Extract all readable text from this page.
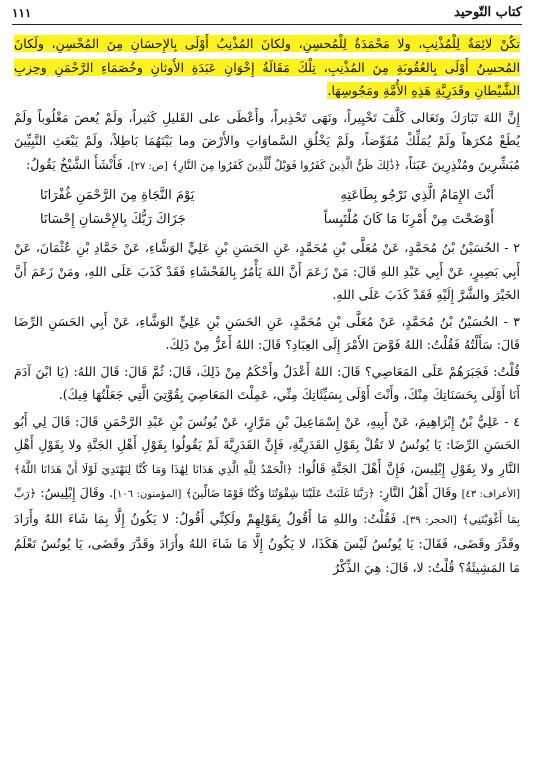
كتاب التّوحيد
١١١

تكُنْ لائِمَةٌ لِلْمُذْنِبِ، ولا مَحْمَدَةٌ لِلْمُحسِنِ، ولكانَ المُذْنِبُ أَوْلَى بِالإِحسَانِ مِنَ المُحْسِنِ، ولَكانَ المُحسِنُ أَوْلَى بِالعُقُوبَةِ مِنَ المُذْنِبِ، تِلْكَ مَقَالَةُ إِخْوَانِ عَبَدَةِ الأَوثانِ وخُصَمَاءِ الرَّحْمَنِ وحِزبِ الشَّيْطانِ وقَدَرِيَّةِ هَذِهِ الأُمَّةِ ومَجُوسِهَا.

إِنَّ اللهَ تَبَارَكَ وتَعَالى كَلَّفَ تَخْيِيراً، ونَهَى تَحْذِيراً، وأَعْطَى على القَليلِ كَثيراً، ولَمْ يُعصَ مَغْلُوباً ولَمْ يُطَعْ مُكرَهاً ولَمْ يُمَلِّكْ مُفَوِّضاً، ولَمْ يَخْلُقِ السَّماوَاتِ والأَرْضَ وما بَيْنَهُمَا بَاطِلاً، ولَمْ يَبْعَثِ النَّبِيِّينَ مُبَشِّرِينَ ومُنْذِرِينَ عَبَثاً، ﴿ذَٰلِكَ ظَنُّ الَّذِينَ كَفَرُوا فَوَيْلٌ لِّلَّذِينَ كَفَرُوا مِنَ النَّارِ﴾ [ص: ٢٧]. فَأَنْشَأَ الشَّيْخُ يَقُولُ:

أَنْتَ الإِمَامُ الَّذِي نَرْجُو بِطَاعَتِهِ
يَوْمَ النَّجَاةِ مِنَ الرَّحْمَنِ غُفْرَانَا
أَوْضَحْتَ مِنْ أَمْرِنَا مَا كَانَ مُلْتَبِساً
جَزَاكَ رَبُّكَ بِالإِحْسَانِ إِحْسَانَا

٢ - الحُسَيْنُ بْنُ مُحَمَّدٍ، عَنْ مُعَلَّى بْنِ مُحَمَّدٍ، عَنِ الحَسَنِ بْنِ عَلِيٍّ الوَشَّاءِ، عَنْ حَمَّادِ بْنِ عُثْمَانَ، عَنْ أَبِي بَصِيرٍ، عَنْ أَبِي عَبْدِ اللهِ قَالَ: مَنْ زَعَمَ أَنَّ اللهَ يَأْمُرُ بِالفَحْشَاءِ فَقَدْ كَذَبَ عَلَى اللهِ، ومَنْ زَعَمَ أَنَّ الخَيْرَ والشَّرَّ إِلَيْهِ فَقَدْ كَذَبَ عَلَى اللهِ.

٣ - الحُسَيْنُ بْنُ مُحَمَّدٍ، عَنْ مُعَلَّى بْنِ مُحَمَّدٍ، عَنِ الحَسَنِ بْنِ عَلِيٍّ الوَشَّاءِ، عَنْ أَبِي الحَسَنِ الرِّضَا قَالَ: سَأَلْتُهُ فَقُلْتُ: اللهُ فَوَّضَ الأَمْرَ إِلَى العِبَادِ؟ قَالَ: اللهُ أَعَزُّ مِنْ ذَلِكَ.

قُلْتُ: فَجَبَرَهُمْ عَلَى المَعَاصِي؟ قَالَ: اللهُ أَعْدَلُ وأَحْكَمُ مِنْ ذَلِكَ، قَالَ: ثُمَّ قَالَ: قَالَ اللهُ: (يَا ابْنَ آدَمَ أَنَا أَوْلَى بِحَسَنَاتِكَ مِنْكَ، وأَنْتَ أَوْلَى بِسَيِّئَاتِكَ مِنِّي، عَمِلْتَ المَعَاصِيَ بِقُوَّتِيَ الَّتِي جَعَلْتُهَا فِيكَ).

٤ - عَلِيُّ بْنُ إِبْرَاهِيمَ، عَنْ أَبِيهِ، عَنْ إِسْمَاعِيلَ بْنِ مَرَّارٍ، عَنْ يُونُسَ بْنِ عَبْدِ الرَّحْمَنِ قَالَ: قَالَ لِي أَبُو الحَسَنِ الرِّضَا: يَا يُونُسُ لا تَقُلْ بِقَوْلِ القَدَرِيَّةِ، فَإِنَّ القَدَرِيَّةَ لَمْ يَقُولُوا بِقَوْلِ أَهْلِ الجَنَّةِ ولا بِقَوْلِ أَهْلِ النَّارِ ولا بِقَوْلِ إِبْلِيسَ، فَإِنَّ أَهْلَ الجَنَّةِ قَالُوا: ﴿الْحَمْدُ لِلَّهِ الَّذِي هَدَانَا لِهَٰذَا وَمَا كُنَّا لِنَهْتَدِيَ لَوْلَا أَنْ هَدَانَا اللَّهُ﴾ [الأعراف: ٤٣] وقَالَ أَهْلُ النَّارِ: ﴿رَبَّنَا غَلَبَتْ عَلَيْنَا شِقْوَتُنَا وَكُنَّا قَوْمًا ضَالِّينَ﴾ [المؤمنون: ١٠٦]. وقَالَ إِبْلِيسُ: ﴿رَبِّ بِمَا أَغْوَيْتَنِي﴾ [الحجر: ٣٩]. فَقُلْتُ: واللهِ مَا أَقُولُ بِقَوْلِهِمْ ولَكِنِّي أَقُولُ: لا يَكُونُ إِلَّا بِمَا شَاءَ اللهُ وأَرَادَ وقَدَّرَ وقَضَى، فَقَالَ: يَا يُونُسُ لَيْسَ هَكَذَا، لا يَكُونُ إِلَّا مَا شَاءَ اللهُ وأَرَادَ وقَدَّرَ وقَضَى، يَا يُونُسُ تَعْلَمُ مَا المَشِيئَةُ؟ قُلْتُ: لا، قَالَ: هِيَ الذِّكْرُ
